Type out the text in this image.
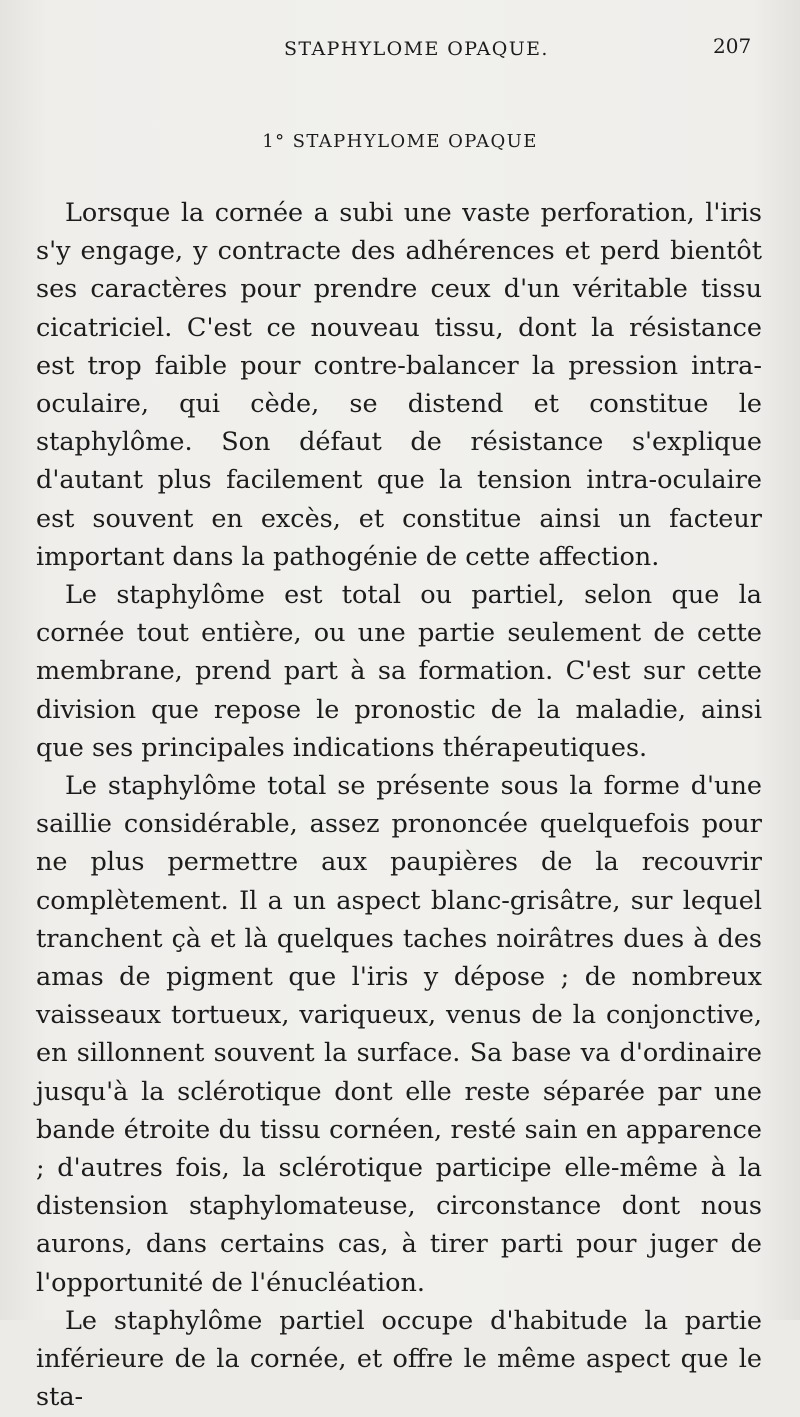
STAPHYLOME OPAQUE.	207
1° STAPHYLOME OPAQUE

Lorsque la cornée a subi une vaste perforation, l'iris s'y engage, y contracte des adhérences et perd bientôt ses caractères pour prendre ceux d'un véritable tissu cicatriciel. C'est ce nouveau tissu, dont la résistance est trop faible pour contre-balancer la pression intra-oculaire, qui cède, se distend et constitue le staphylôme. Son défaut de résistance s'explique d'autant plus facilement que la tension intra-oculaire est souvent en excès, et constitue ainsi un facteur important dans la pathogénie de cette affection.

Le staphylôme est total ou partiel, selon que la cornée tout entière, ou une partie seulement de cette membrane, prend part à sa formation. C'est sur cette division que repose le pronostic de la maladie, ainsi que ses principales indications thérapeutiques.

Le staphylôme total se présente sous la forme d'une saillie considérable, assez prononcée quelquefois pour ne plus permettre aux paupières de la recouvrir complètement. Il a un aspect blanc-grisâtre, sur lequel tranchent çà et là quelques taches noirâtres dues à des amas de pigment que l'iris y dépose ; de nombreux vaisseaux tortueux, variqueux, venus de la conjonctive, en sillonnent souvent la surface. Sa base va d'ordinaire jusqu'à la sclérotique dont elle reste séparée par une bande étroite du tissu cornéen, resté sain en apparence ; d'autres fois, la sclérotique participe elle-même à la distension staphylomateuse, circonstance dont nous aurons, dans certains cas, à tirer parti pour juger de l'opportunité de l'énucléation.

Le staphylôme partiel occupe d'habitude la partie inférieure de la cornée, et offre le même aspect que le sta-
